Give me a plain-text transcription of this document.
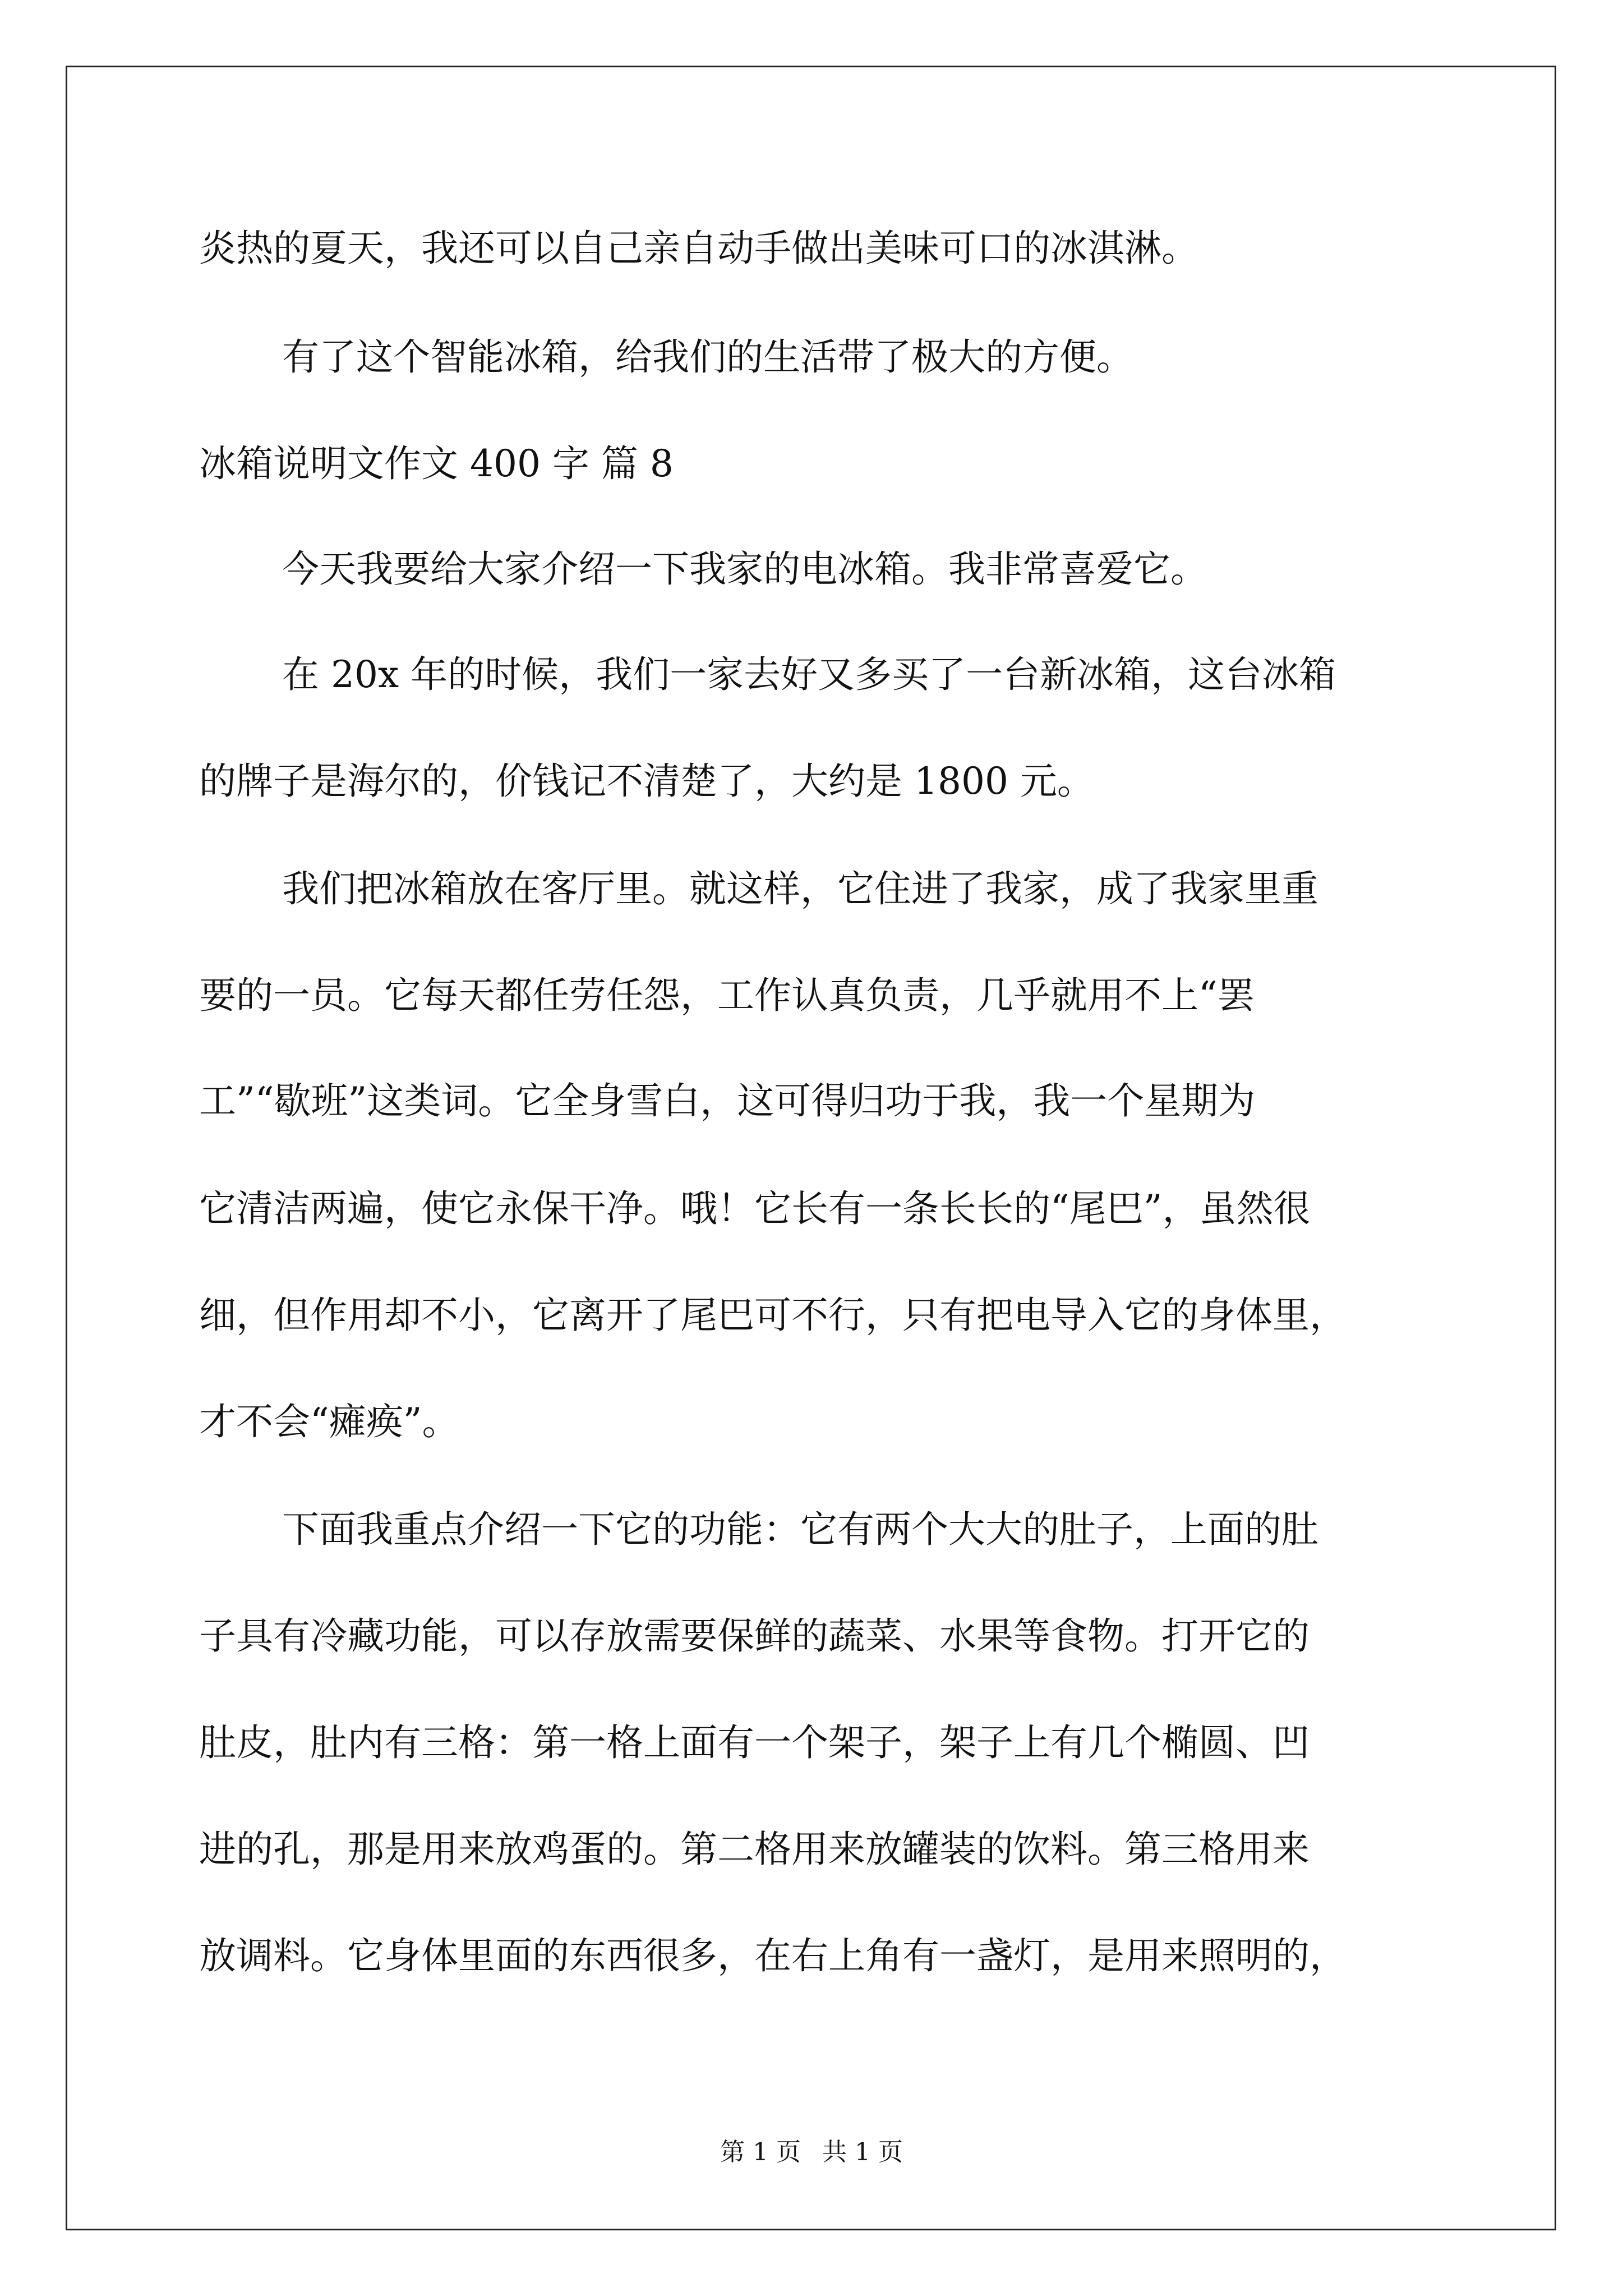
炎热的夏天，我还可以自己亲自动手做出美味可口的冰淇淋。
有了这个智能冰箱，给我们的生活带了极大的方便。
冰箱说明文作文 400 字 篇 8
今天我要给大家介绍一下我家的电冰箱。我非常喜爱它。
在 20x 年的时候，我们一家去好又多买了一台新冰箱，这台冰箱
的牌子是海尔的，价钱记不清楚了，大约是 1800 元。
我们把冰箱放在客厅里。就这样，它住进了我家，成了我家里重
要的一员。它每天都任劳任怨，工作认真负责，几乎就用不上“罢
工”“歇班”这类词。它全身雪白，这可得归功于我，我一个星期为
它清洁两遍，使它永保干净。哦！它长有一条长长的“尾巴”，虽然很
细，但作用却不小，它离开了尾巴可不行，只有把电导入它的身体里，
才不会“瘫痪”。
下面我重点介绍一下它的功能：它有两个大大的肚子，上面的肚
子具有冷藏功能，可以存放需要保鲜的蔬菜、水果等食物。打开它的
肚皮，肚内有三格：第一格上面有一个架子，架子上有几个椭圆、凹
进的孔，那是用来放鸡蛋的。第二格用来放罐装的饮料。第三格用来
放调料。它身体里面的东西很多，在右上角有一盏灯，是用来照明的，
第 1 页 共 1 页
